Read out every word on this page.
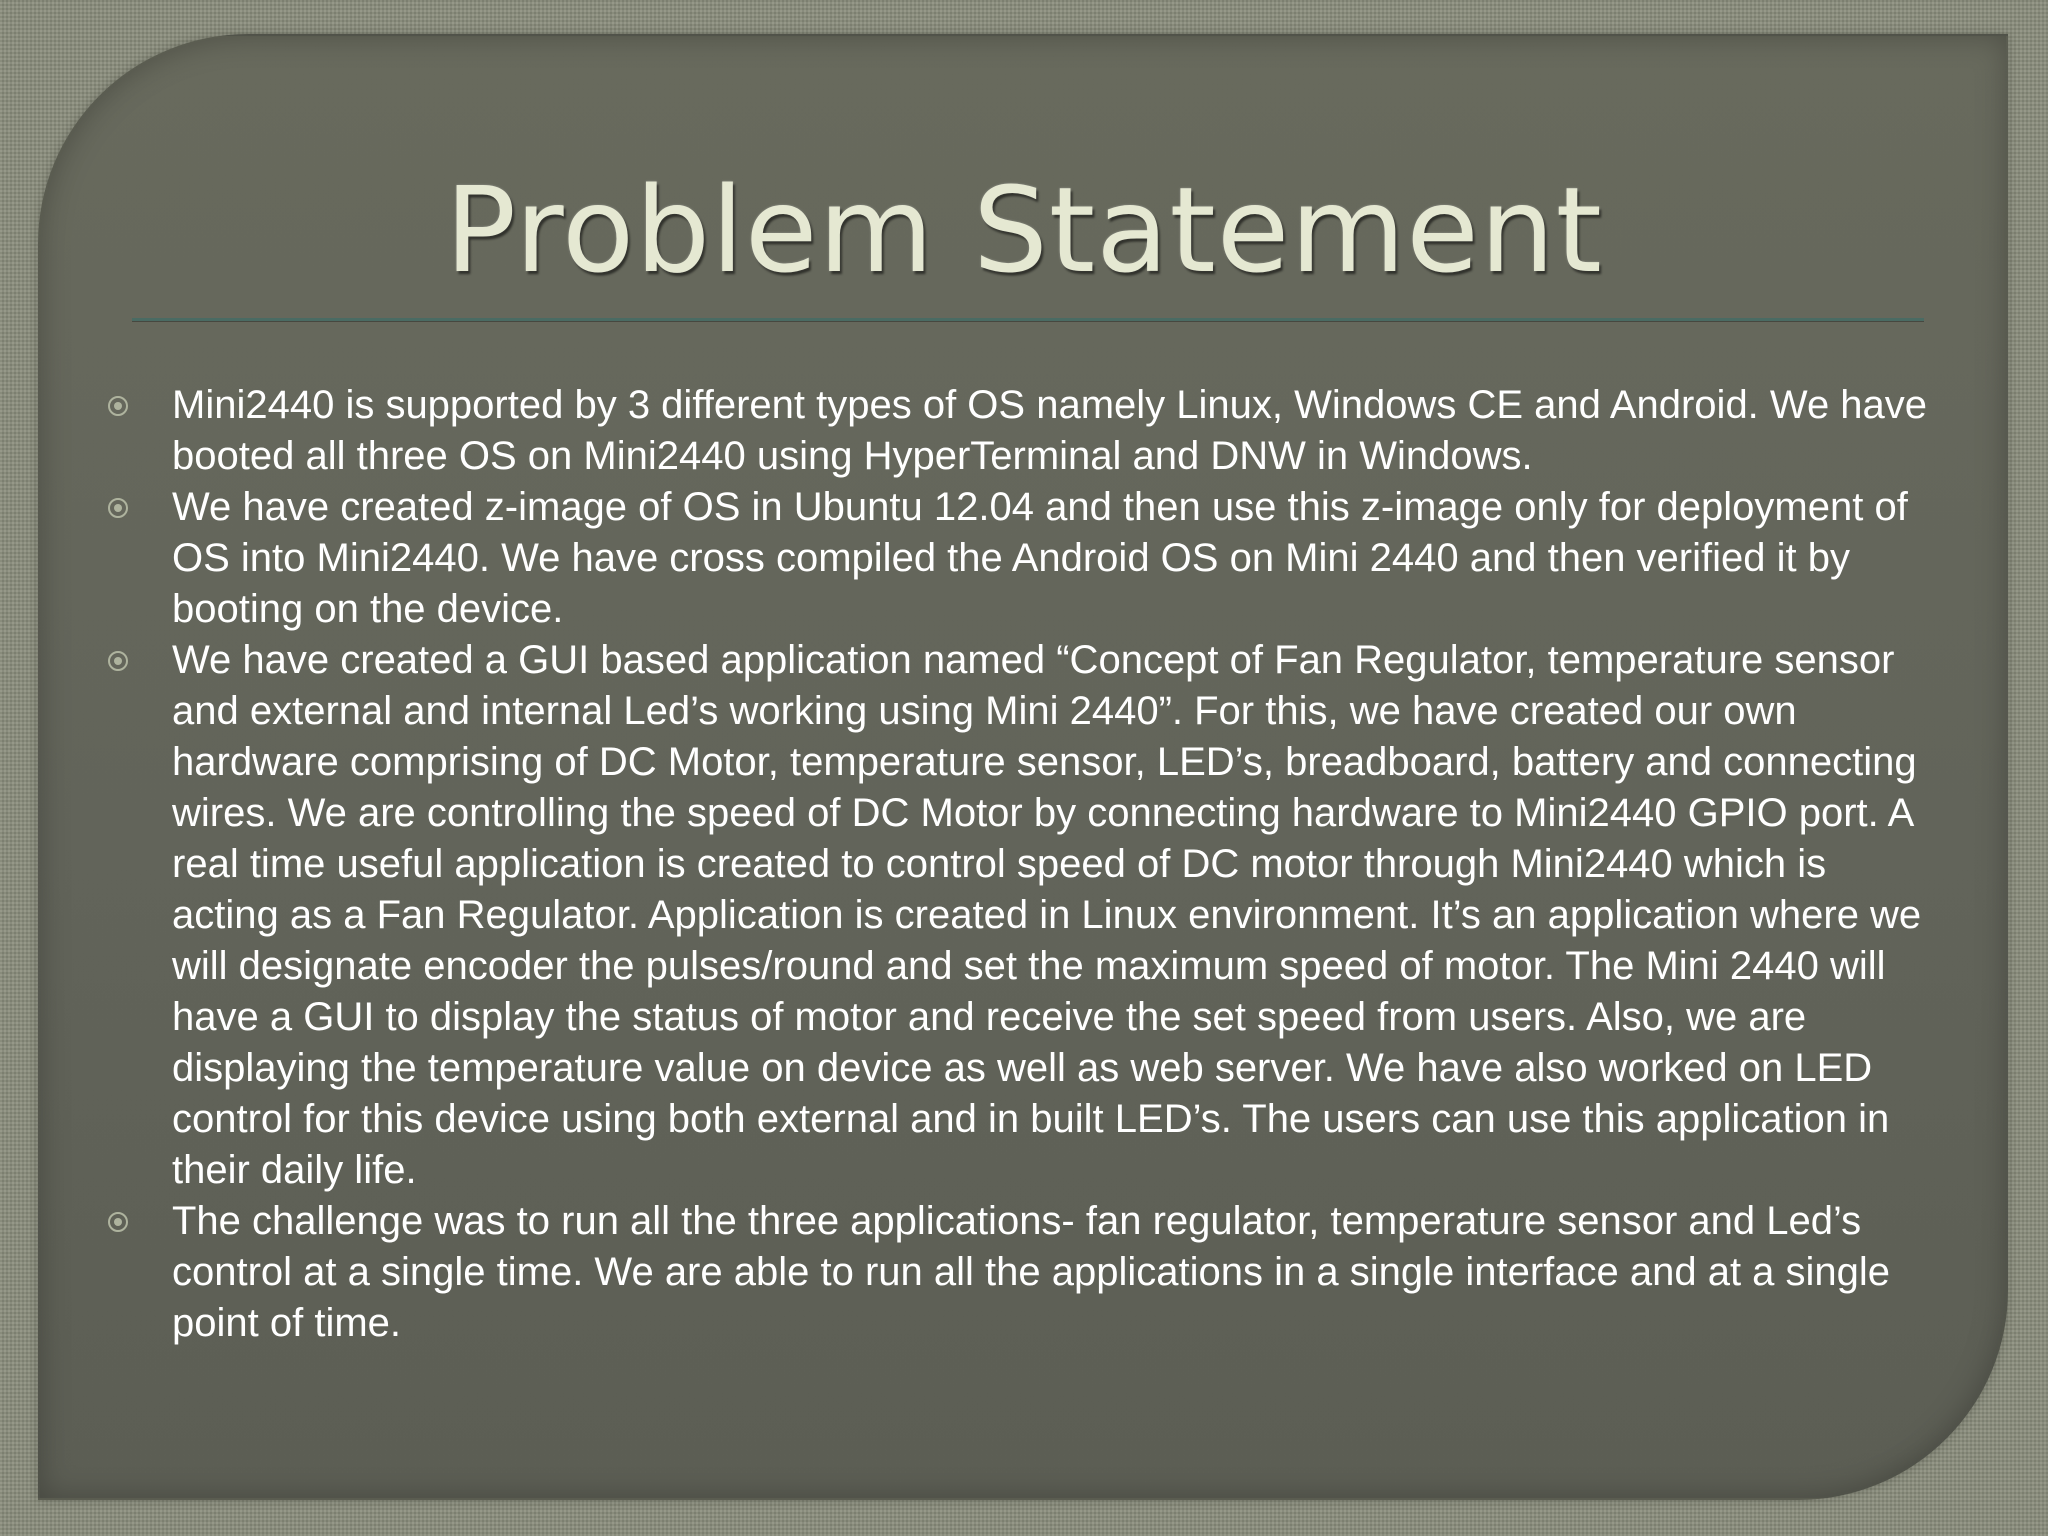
Problem Statement
Mini2440 is supported by 3 different types of OS namely Linux, Windows CE and Android. We have booted all three OS on Mini2440 using HyperTerminal and DNW in Windows.
We have created z-image of OS in Ubuntu 12.04 and then use this z-image only for deployment of OS into Mini2440. We have cross compiled the Android OS on Mini 2440 and then verified it by booting on the device.
We have created a GUI based application named “Concept of Fan Regulator, temperature sensor and external and internal Led’s working using Mini 2440”. For this, we have created our own hardware comprising of DC Motor, temperature sensor, LED’s, breadboard, battery and connecting wires. We are controlling the speed of DC Motor by connecting hardware to Mini2440 GPIO port. A real time useful application is created to control speed of DC motor through Mini2440 which is acting as a Fan Regulator. Application is created in Linux environment. It’s an application where we will designate encoder the pulses/round and set the maximum speed of motor. The Mini 2440 will have a GUI to display the status of motor and receive the set speed from users. Also, we are displaying the temperature value on device as well as web server. We have also worked on LED control for this device using both external and in built LED’s. The users can use this application in their daily life.
The challenge was to run all the three applications- fan regulator, temperature sensor and Led’s control at a single time. We are able to run all the applications in a single interface and at a single point of time.
